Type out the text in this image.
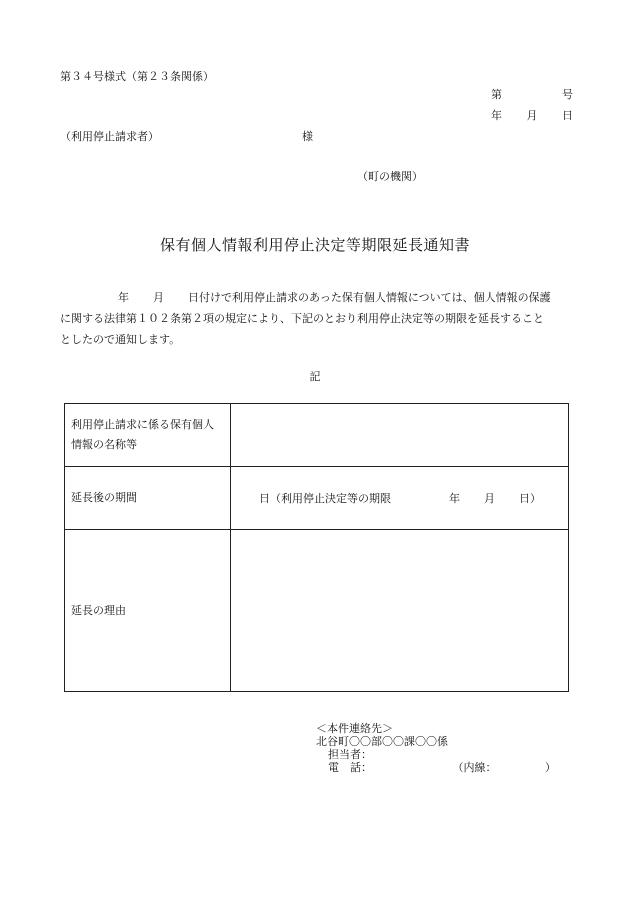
第３４号様式（第２３条関係）
第	号
年 月 日
（利用停止請求者）	様
（町の機関）
保有個人情報利用停止決定等期限延長通知書
年 月 日付けで利用停止請求のあった保有個人情報については、個人情報の保護
に関する法律第１０２条第２項の規定により、下記のとおり利用停止決定等の期限を延長すること
としたので通知します。
記
利用停止請求に係る保有個人情報の名称等	
延長後の期間	日（利用停止決定等の期限 年 月 日）
延長の理由	
＜本件連絡先＞
北谷町〇〇部〇〇課〇〇係
担当者：
電　話：	（内線：	）
